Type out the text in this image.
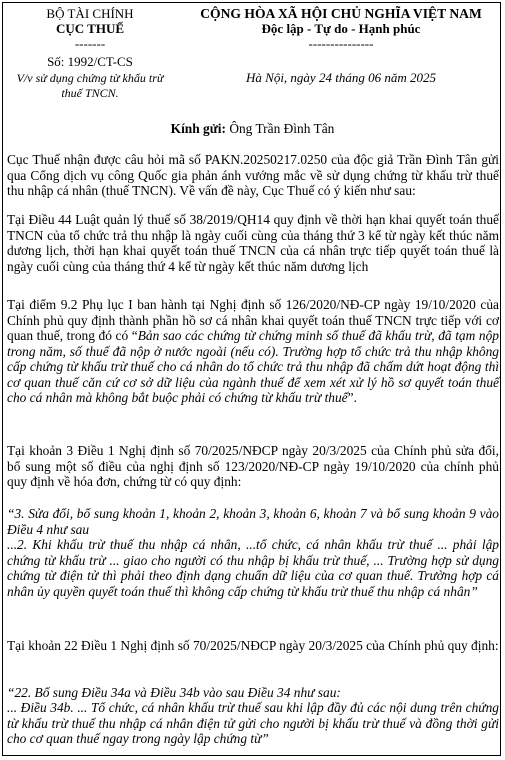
BỘ TÀI CHÍNH
CỤC THUẾ
-------
Số: 1992/CT-CS
V/v sử dụng chứng từ khấu trừ
thuế TNCN.
CỘNG HÒA XÃ HỘI CHỦ NGHĨA VIỆT NAM
Độc lập - Tự do - Hạnh phúc
---------------
Hà Nội, ngày 24 tháng 06 năm 2025
Kính gửi: Ông Trần Đình Tân
Cục Thuế nhận được câu hỏi mã số PAKN.20250217.0250 của độc giả Trần Đình Tân gửi qua Cổng dịch vụ công Quốc gia phản ánh vướng mắc về sử dụng chứng từ khấu trừ thuế thu nhập cá nhân (thuế TNCN). Về vấn đề này, Cục Thuế có ý kiến như sau:
Tại Điều 44 Luật quản lý thuế số 38/2019/QH14 quy định về thời hạn khai quyết toán thuế TNCN của tổ chức trả thu nhập là ngày cuối cùng của tháng thứ 3 kể từ ngày kết thúc năm dương lịch, thời hạn khai quyết toán thuế TNCN của cá nhân trực tiếp quyết toán thuế là ngày cuối cùng của tháng thứ 4 kể từ ngày kết thúc năm dương lịch
Tại điểm 9.2 Phụ lục I ban hành tại Nghị định số 126/2020/NĐ-CP ngày 19/10/2020 của Chính phủ quy định thành phần hồ sơ cá nhân khai quyết toán thuế TNCN trực tiếp với cơ quan thuế, trong đó có “Bản sao các chứng từ chứng minh số thuế đã khấu trừ, đã tạm nộp trong năm, số thuế đã nộp ở nước ngoài (nếu có). Trường hợp tổ chức trả thu nhập không cấp chứng từ khấu trừ thuế cho cá nhân do tổ chức trả thu nhập đã chấm dứt hoạt động thì cơ quan thuế căn cứ cơ sở dữ liệu của ngành thuế để xem xét xử lý hồ sơ quyết toán thuế cho cá nhân mà không bắt buộc phải có chứng từ khấu trừ thuế”.
Tại khoản 3 Điều 1 Nghị định số 70/2025/NĐCP ngày 20/3/2025 của Chính phủ sửa đổi, bổ sung một số điều của nghị định số 123/2020/NĐ-CP ngày 19/10/2020 của chính phủ quy định về hóa đơn, chứng từ có quy định:
“3. Sửa đổi, bổ sung khoản 1, khoản 2, khoản 3, khoản 6, khoản 7 và bổ sung khoản 9 vào Điều 4 như sau
...2. Khi khấu trừ thuế thu nhập cá nhân, ...tổ chức, cá nhân khấu trừ thuế ... phải lập chứng từ khấu trừ ... giao cho người có thu nhập bị khấu trừ thuế, ... Trường hợp sử dụng chứng từ điện tử thì phải theo định dạng chuẩn dữ liệu của cơ quan thuế. Trường hợp cá nhân ủy quyền quyết toán thuế thì không cấp chứng từ khấu trừ thuế thu nhập cá nhân”
Tại khoản 22 Điều 1 Nghị định số 70/2025/NĐCP ngày 20/3/2025 của Chính phủ quy định:
“22. Bổ sung Điều 34a và Điều 34b vào sau Điều 34 như sau:
... Điều 34b. ... Tổ chức, cá nhân khấu trừ thuế sau khi lập đầy đủ các nội dung trên chứng từ khấu trừ thuế thu nhập cá nhân điện tử gửi cho người bị khấu trừ thuế và đồng thời gửi cho cơ quan thuế ngay trong ngày lập chứng từ”
